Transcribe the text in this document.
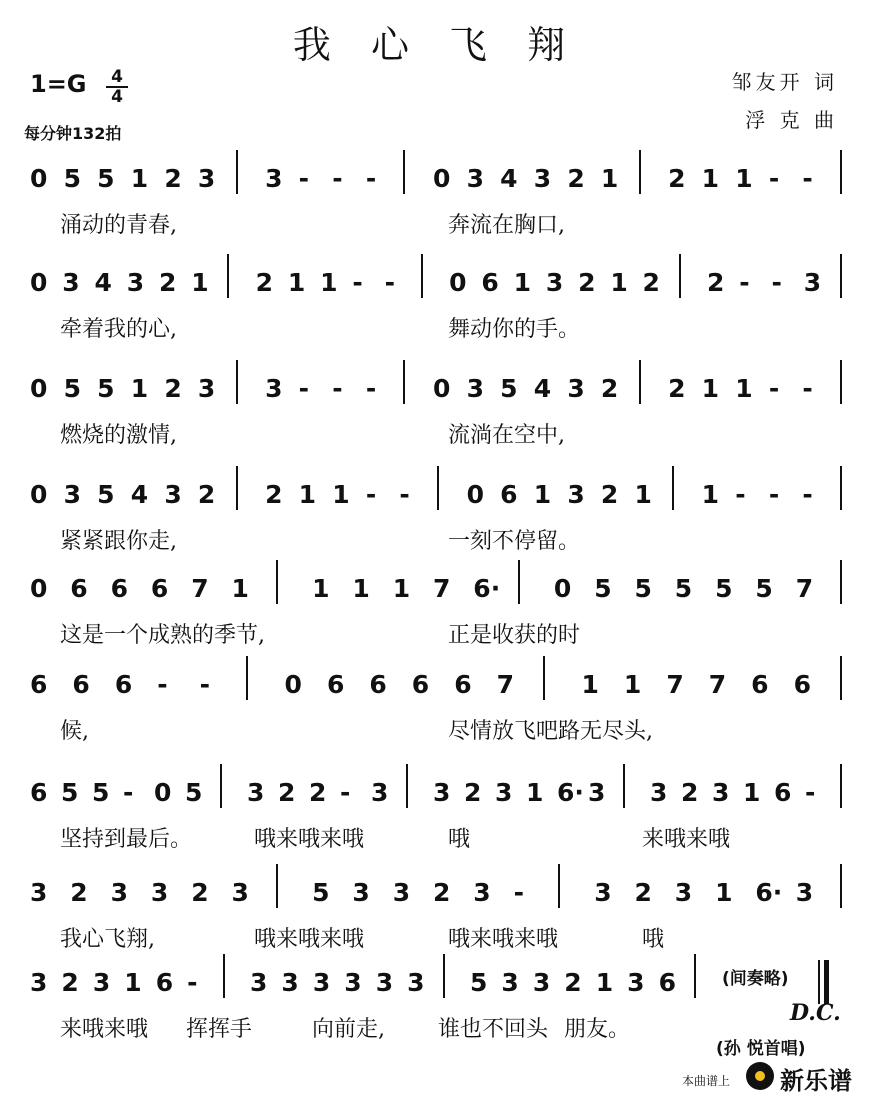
我 心 飞 翔
1=G 4
4
每分钟132拍
邹友开 词
浮 克 曲
0 5 5 1 2 3 3 - - - 0 3 4 3 2 1 2 1 1 - -
涌动的青春,	奔流在胸口,
0 3 4 3 2 1 2 1 1 - - 0 6 1 3 2 1 2 2 - - 3
牵着我的心,	舞动你的手。
0 5 5 1 2 3 3 - - - 0 3 5 4 3 2 2 1 1 - -
燃烧的激情,	流淌在空中,
0 3 5 4 3 2 2 1 1 - - 0 6 1 3 2 1 1 - - -
紧紧跟你走,	一刻不停留。
0 6 6 6 7 1	1 1 1 7 6· 0 5 5 5 5 5 7
这是一个成熟的季节,	正是收获的时
6 6 6 - -	0 6 6 6 6 7	1 1 7 7 6 6
候,	尽情放飞吧路无尽头,
6 5 5 - 0 5 3 2 2 - 3 3 2 3 1 6· 3 3 2 3 1 6 -
坚持到最后。	哦来哦来哦	哦	来哦来哦
3 2 3 3 2 3	5 3 3 2 3 -	3 2 3 1 6· 3
我心飞翔,	哦来哦来哦	哦来哦来哦	哦
3 2 3 1 6 - 3 3 3 3 3 3 5 3 3 2 1 3 6
来哦来哦 挥挥手	向前走, 谁也不回头 朋友。
(间奏略)
D.C.
(孙 悦首唱)
本曲谱上 新乐谱
